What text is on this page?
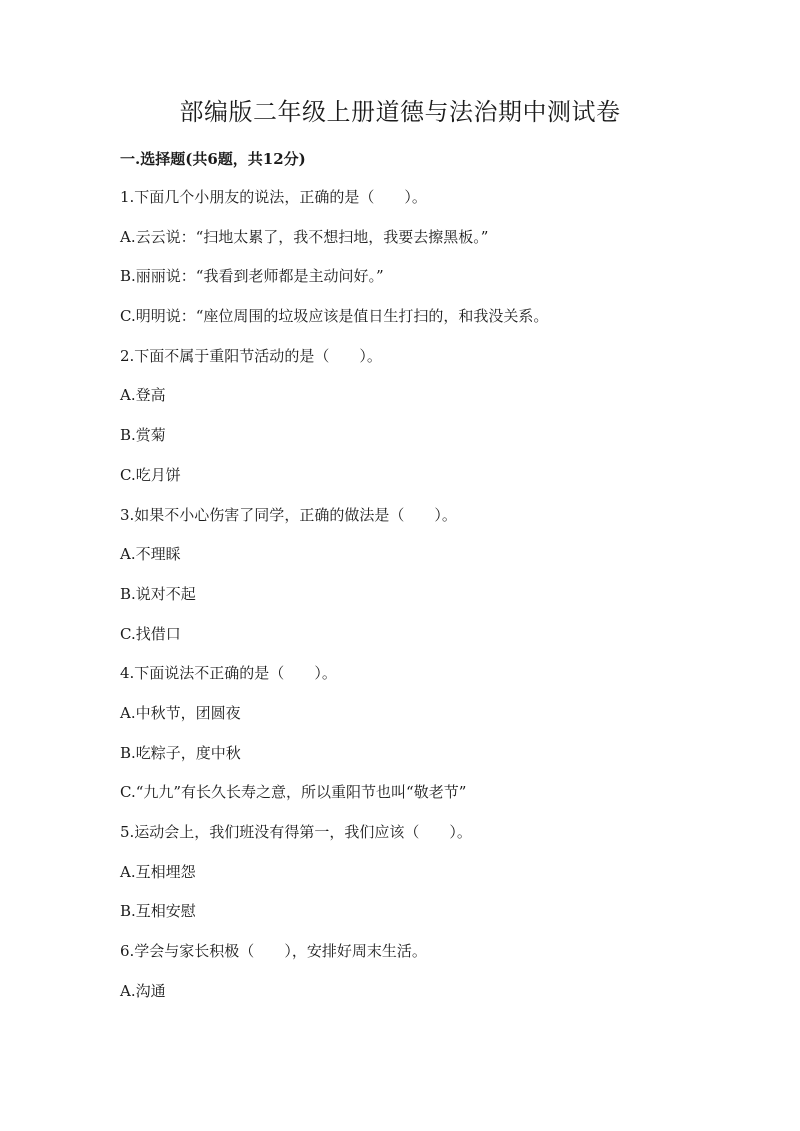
部编版二年级上册道德与法治期中测试卷
一.选择题(共6题，共12分)
1.下面几个小朋友的说法，正确的是（　　）。
A.云云说：“扫地太累了，我不想扫地，我要去擦黑板。”
B.丽丽说：“我看到老师都是主动问好。”
C.明明说：“座位周围的垃圾应该是值日生打扫的，和我没关系。
2.下面不属于重阳节活动的是（　　）。
A.登高
B.赏菊
C.吃月饼
3.如果不小心伤害了同学，正确的做法是（　　）。
A.不理睬
B.说对不起
C.找借口
4.下面说法不正确的是（　　）。
A.中秋节，团圆夜
B.吃粽子，度中秋
C.“九九”有长久长寿之意，所以重阳节也叫“敬老节”
5.运动会上，我们班没有得第一，我们应该（　　）。
A.互相埋怨
B.互相安慰
6.学会与家长积极（　　），安排好周末生活。
A.沟通
